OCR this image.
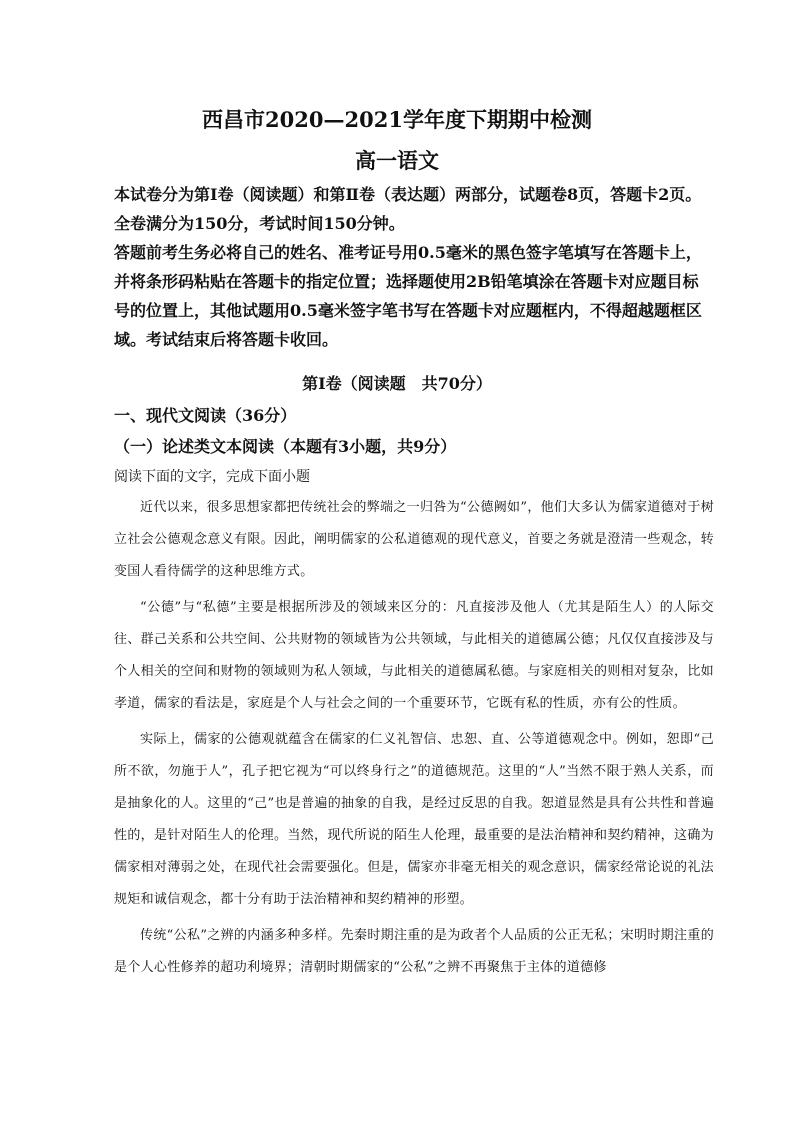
西昌市2020—2021学年度下期期中检测
高一语文
本试卷分为第Ⅰ卷（阅读题）和第Ⅱ卷（表达题）两部分，试题卷8页，答题卡2页。全卷满分为150分，考试时间150分钟。
答题前考生务必将自己的姓名、准考证号用0.5毫米的黑色签字笔填写在答题卡上，并将条形码粘贴在答题卡的指定位置；选择题使用2B铅笔填涂在答题卡对应题目标号的位置上，其他试题用0.5毫米签字笔书写在答题卡对应题框内，不得超越题框区域。考试结束后将答题卡收回。
第Ⅰ卷（阅读题　共70分）
一、现代文阅读（36分）
（一）论述类文本阅读（本题有3小题，共9分）
阅读下面的文字，完成下面小题

近代以来，很多思想家都把传统社会的弊端之一归咎为“公德阙如”，他们大多认为儒家道德对于树立社会公德观念意义有限。因此，阐明儒家的公私道德观的现代意义，首要之务就是澄清一些观念，转变国人看待儒学的这种思维方式。

“公德”与“私德”主要是根据所涉及的领域来区分的：凡直接涉及他人（尤其是陌生人）的人际交往、群己关系和公共空间、公共财物的领域皆为公共领域，与此相关的道德属公德；凡仅仅直接涉及与个人相关的空间和财物的领域则为私人领域，与此相关的道德属私德。与家庭相关的则相对复杂，比如孝道，儒家的看法是，家庭是个人与社会之间的一个重要环节，它既有私的性质，亦有公的性质。

实际上，儒家的公德观就蕴含在儒家的仁义礼智信、忠恕、直、公等道德观念中。例如，恕即“己所不欲，勿施于人”，孔子把它视为“可以终身行之”的道德规范。这里的“人”当然不限于熟人关系，而是抽象化的人。这里的“己”也是普遍的抽象的自我，是经过反思的自我。恕道显然是具有公共性和普遍性的，是针对陌生人的伦理。当然，现代所说的陌生人伦理，最重要的是法治精神和契约精神，这确为儒家相对薄弱之处，在现代社会需要强化。但是，儒家亦非毫无相关的观念意识，儒家经常论说的礼法规矩和诚信观念，都十分有助于法治精神和契约精神的形塑。

传统“公私”之辨的内涵多种多样。先秦时期注重的是为政者个人品质的公正无私；宋明时期注重的是个人心性修养的超功利境界；清朝时期儒家的“公私”之辨不再聚焦于主体的道德修
